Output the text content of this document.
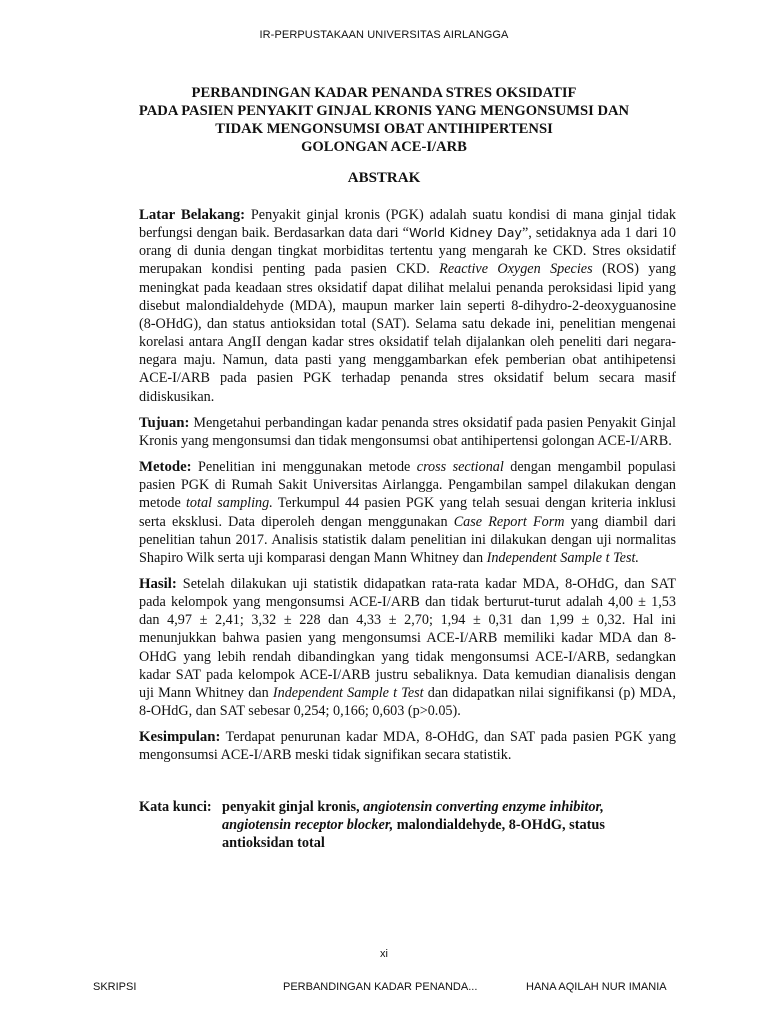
IR-PERPUSTAKAAN UNIVERSITAS AIRLANGGA
PERBANDINGAN KADAR PENANDA STRES OKSIDATIF
PADA PASIEN PENYAKIT GINJAL KRONIS YANG MENGONSUMSI DAN
TIDAK MENGONSUMSI OBAT ANTIHIPERTENSI
GOLONGAN ACE-I/ARB
ABSTRAK

Latar Belakang: Penyakit ginjal kronis (PGK) adalah suatu kondisi di mana ginjal tidak berfungsi dengan baik. Berdasarkan data dari “World Kidney Day”, setidaknya ada 1 dari 10 orang di dunia dengan tingkat morbiditas tertentu yang mengarah ke CKD. Stres oksidatif merupakan kondisi penting pada pasien CKD. Reactive Oxygen Species (ROS) yang meningkat pada keadaan stres oksidatif dapat dilihat melalui penanda peroksidasi lipid yang disebut malondialdehyde (MDA), maupun marker lain seperti 8-dihydro-2-deoxyguanosine (8-OHdG), dan status antioksidan total (SAT). Selama satu dekade ini, penelitian mengenai korelasi antara AngII dengan kadar stres oksidatif telah dijalankan oleh peneliti dari negara-negara maju. Namun, data pasti yang menggambarkan efek pemberian obat antihipetensi ACE-I/ARB pada pasien PGK terhadap penanda stres oksidatif belum secara masif didiskusikan.

Tujuan: Mengetahui perbandingan kadar penanda stres oksidatif pada pasien Penyakit Ginjal Kronis yang mengonsumsi dan tidak mengonsumsi obat antihipertensi golongan ACE-I/ARB.

Metode: Penelitian ini menggunakan metode cross sectional dengan mengambil populasi pasien PGK di Rumah Sakit Universitas Airlangga. Pengambilan sampel dilakukan dengan metode total sampling. Terkumpul 44 pasien PGK yang telah sesuai dengan kriteria inklusi serta eksklusi. Data diperoleh dengan menggunakan Case Report Form yang diambil dari penelitian tahun 2017. Analisis statistik dalam penelitian ini dilakukan dengan uji normalitas Shapiro Wilk serta uji komparasi dengan Mann Whitney dan Independent Sample t Test.

Hasil: Setelah dilakukan uji statistik didapatkan rata-rata kadar MDA, 8-OHdG, dan SAT pada kelompok yang mengonsumsi ACE-I/ARB dan tidak berturut-turut adalah 4,00 ± 1,53 dan 4,97 ± 2,41; 3,32 ± 228 dan 4,33 ± 2,70; 1,94 ± 0,31 dan 1,99 ± 0,32. Hal ini menunjukkan bahwa pasien yang mengonsumsi ACE-I/ARB memiliki kadar MDA dan 8-OHdG yang lebih rendah dibandingkan yang tidak mengonsumsi ACE-I/ARB, sedangkan kadar SAT pada kelompok ACE-I/ARB justru sebaliknya. Data kemudian dianalisis dengan uji Mann Whitney dan Independent Sample t Test dan didapatkan nilai signifikansi (p) MDA, 8-OHdG, dan SAT sebesar 0,254; 0,166; 0,603 (p>0.05).

Kesimpulan: Terdapat penurunan kadar MDA, 8-OHdG, dan SAT pada pasien PGK yang mengonsumsi ACE-I/ARB meski tidak signifikan secara statistik.

Kata kunci: penyakit ginjal kronis, angiotensin converting enzyme inhibitor, angiotensin receptor blocker, malondialdehyde, 8-OHdG, status antioksidan total
xi
SKRIPSI	PERBANDINGAN KADAR PENANDA...	HANA AQILAH NUR IMANIA
